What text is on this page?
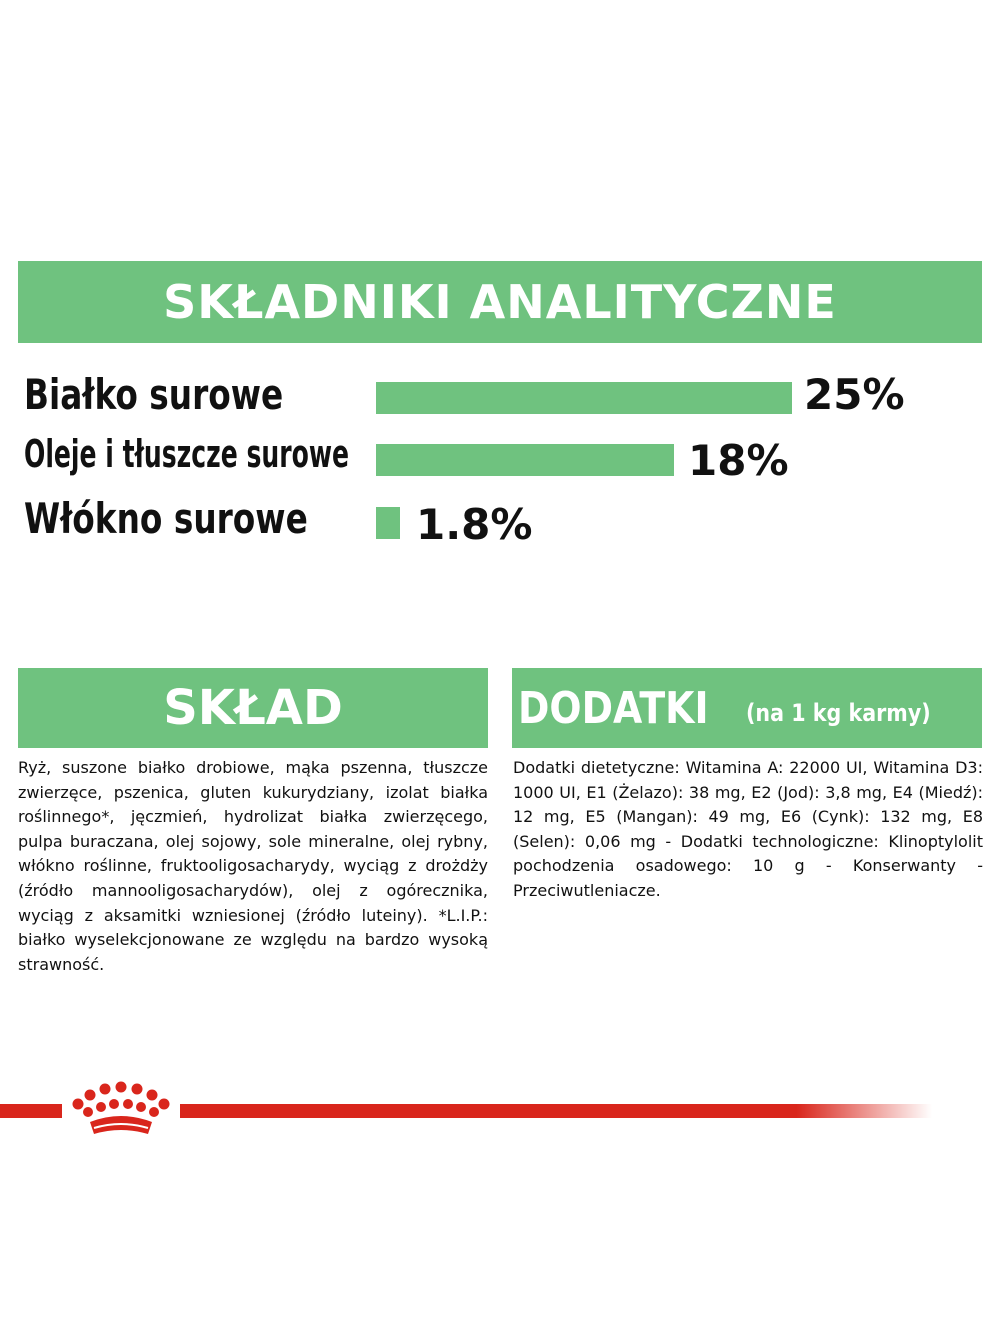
SKŁADNIKI ANALITYCZNE
Białko surowe	25%
Oleje i tłuszcze surowe	18%
Włókno surowe	1.8%
SKŁAD	DODATKI (na 1 kg karmy)
Ryż, suszone białko drobiowe, mąka pszenna, tłuszcze zwierzęce, pszenica, gluten kukurydziany, izolat białka roślinnego*, jęczmień, hydrolizat białka zwierzęcego, pulpa buraczana, olej sojowy, sole mineralne, olej rybny, włókno roślinne, fruktooligosacharydy, wyciąg z drożdży (źródło mannooligosacharydów), olej z ogórecznika, wyciąg z aksamitki wzniesionej (źródło luteiny). *L.I.P.: białko wyselekcjonowane ze względu na bardzo wysoką strawność.
Dodatki dietetyczne: Witamina A: 22000 UI, Witamina D3: 1000 UI, E1 (Żelazo): 38 mg, E2 (Jod): 3,8 mg, E4 (Miedź): 12 mg, E5 (Mangan): 49 mg, E6 (Cynk): 132 mg, E8 (Selen): 0,06 mg - Dodatki technologiczne: Klinoptylolit pochodzenia osadowego: 10 g - Konserwanty - Przeciwutleniacze.
